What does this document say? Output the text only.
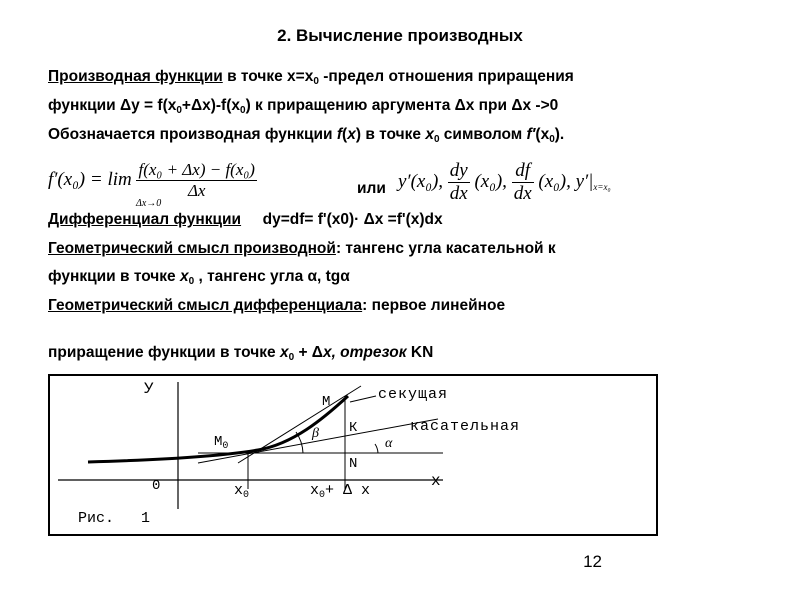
2. Вычисление производных
Производная функции в точке $x=x_0$ -предел отношения приращения
функции $\Delta y = f(x_0+\Delta x)-f(x_0)$ к приращению аргумента Δx при Δx ->0
Обозначается производная функции f(x) в точке $x_0$ символом $f'(x_0)$.
$f'(x_0) = \lim \frac{\text{f(x₀ + Δx) − f(x₀)}}{\Delta x}$
Δx→0
или y′(x₀), $\frac{dy}{dx} (x_0)$, $\frac{df}{dx} (x_0)$, $y'|_{x=x_0}$
Дифференциал функции     dy=df= f'(x0)· Δx =f'(x)dx
Геометрический смысл производной: тангенс угла касательной к
функции в точке $x_0$ , тангенс угла α, tgα
Геометрический смысл дифференциала: первое линейное
приращение функции в точке $x_0 + \Delta x$, отрезок KN
У
х
0
М
$М_0$
К
N
β
α
секущая
касательная
$х_0$	$х_0+ \Delta$ х
Рис.   1
12
